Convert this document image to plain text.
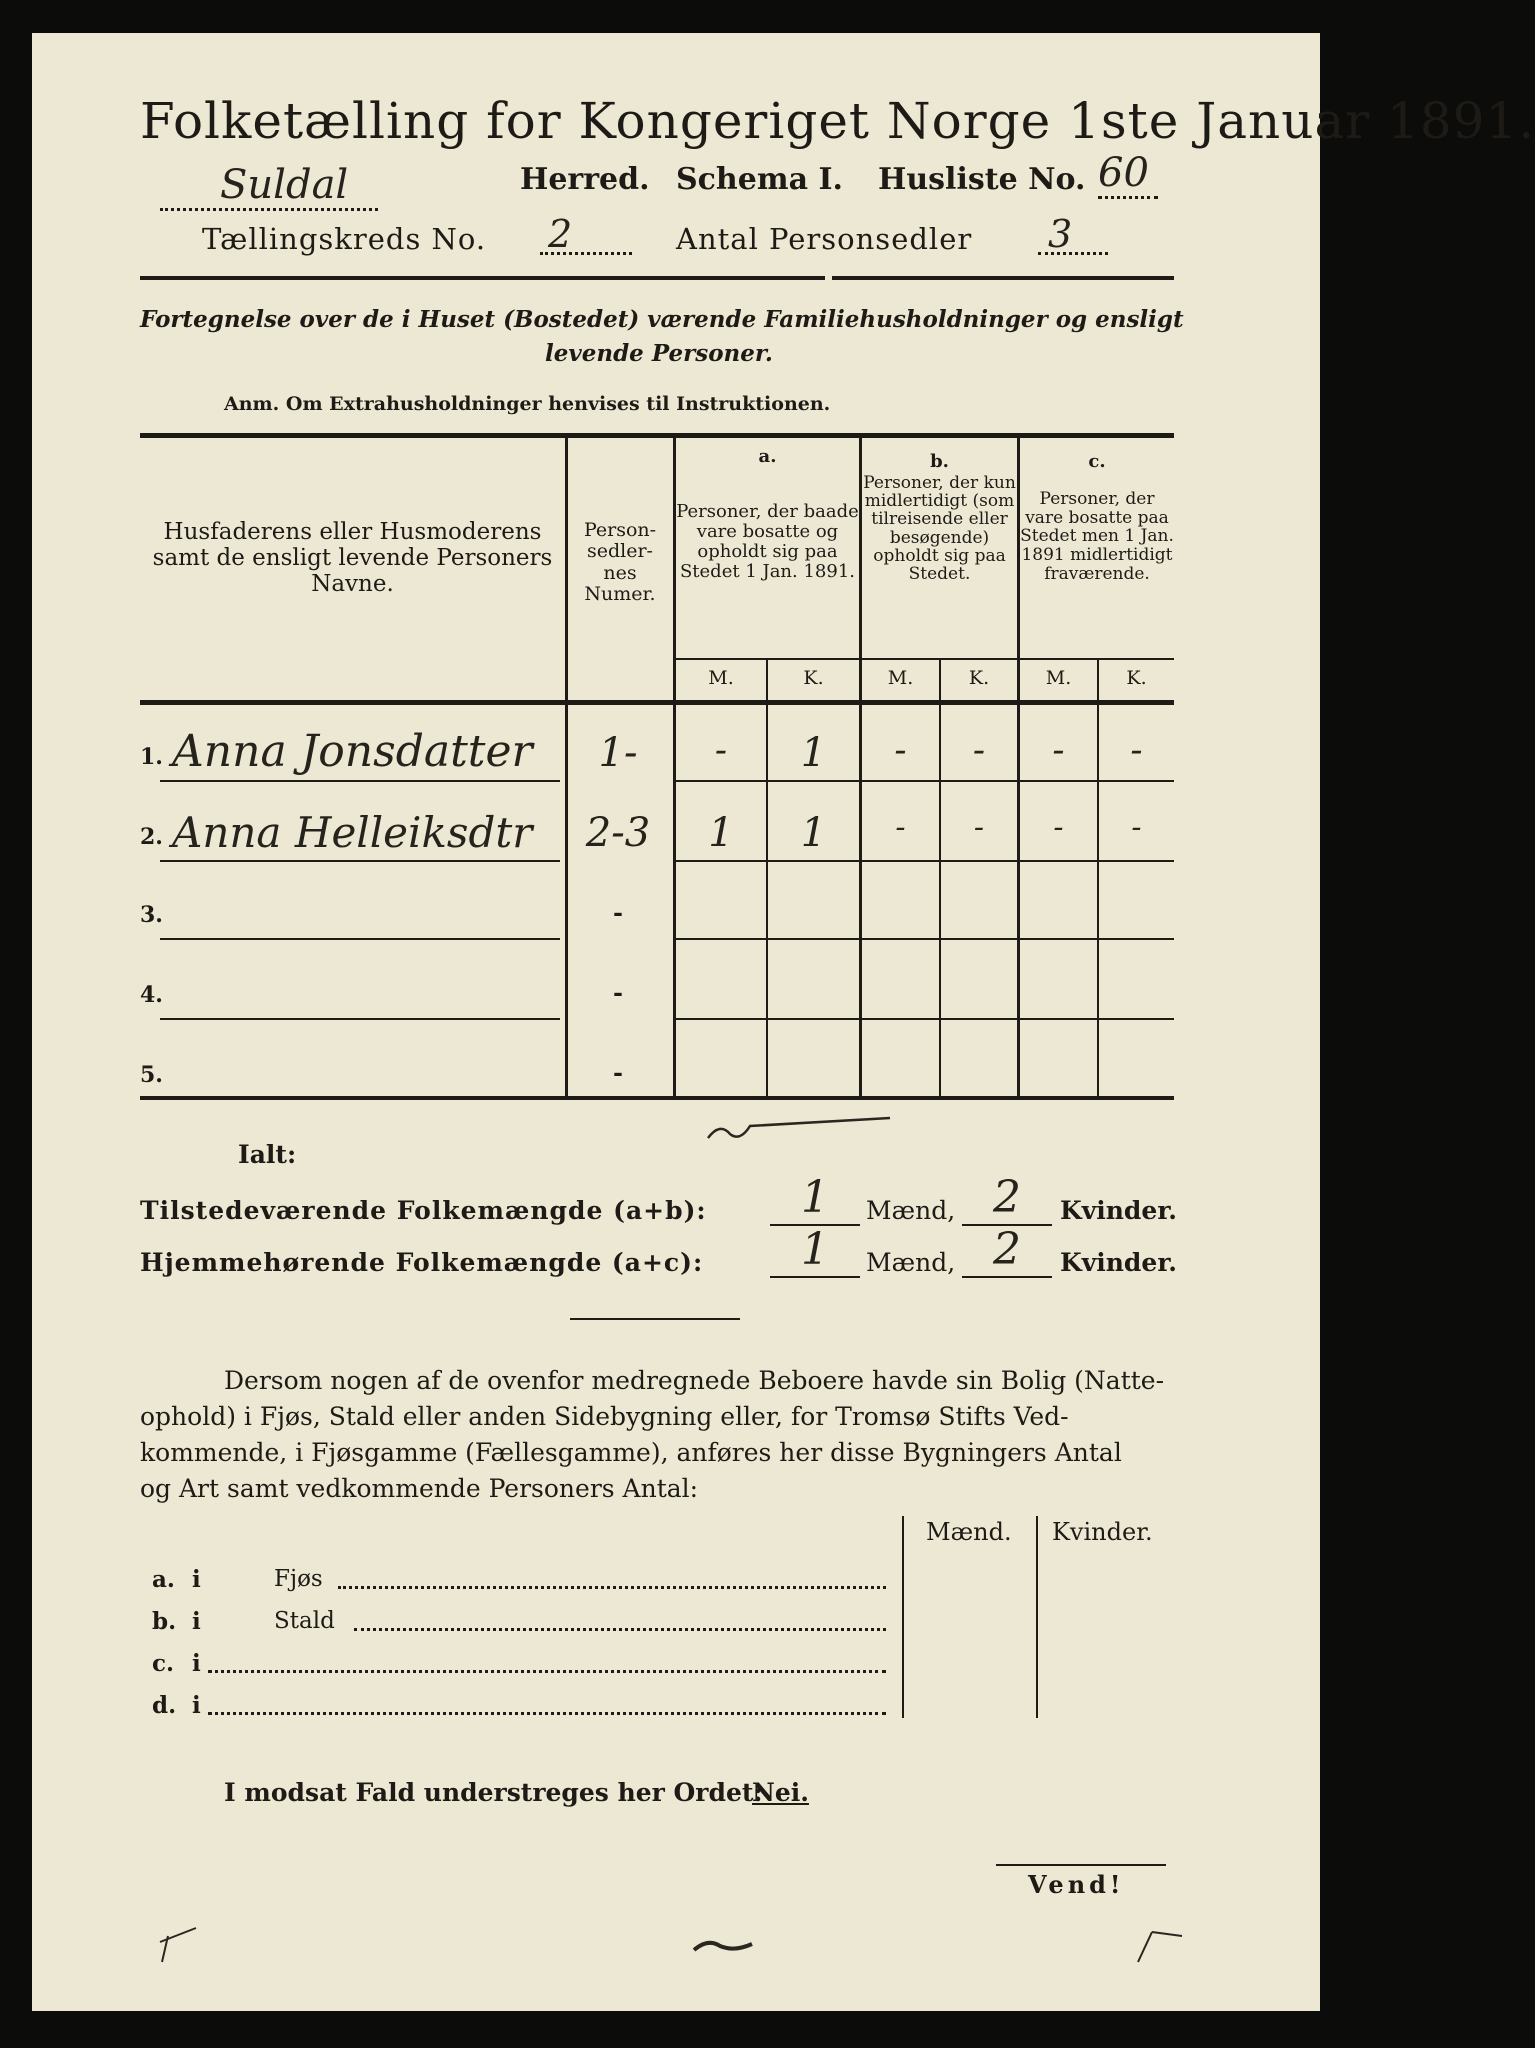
Folketælling for Kongeriget Norge 1ste Januar 1891.
Suldal	Herred. Schema I. Husliste No. 60
Tællingskreds No. 2	Antal Personsedler 3
Fortegnelse over de i Huset (Bostedet) værende Familiehusholdninger og ensligt
levende Personer.
Anm. Om Extrahusholdninger henvises til Instruktionen.
Husfaderens eller Husmoderens samt de ensligt levende Personers Navne.
Person-sedler-nes Numer.
a.
Personer, der baade vare bosatte og opholdt sig paa Stedet 1 Jan. 1891.
b.
Personer, der kun midlertidigt (som tilreisende eller besøgende) opholdt sig paa Stedet.
c.
Personer, der vare bosatte paa Stedet men 1 Jan. 1891 midlertidigt fraværende.
M.	K.	M.	K.	M.	K.
1. Anna Jonsdatter	1-	-	1	-	-	-	-
2. Anna Helleiksdtr	2-3	1	1	-	-	-	-
3.	-
4.	-
5.	-
Ialt:
Tilstedeværende Folkemængde (a+b):	1	Mænd, 2	Kvinder.
Hjemmehørende Folkemængde (a+c):	1	Mænd, 2	Kvinder.
Dersom nogen af de ovenfor medregnede Beboere havde sin Bolig (Natte-
ophold) i Fjøs, Stald eller anden Sidebygning eller, for Tromsø Stifts Ved-
kommende, i Fjøsgamme (Fællesgamme), anføres her disse Bygningers Antal
og Art samt vedkommende Personers Antal:
Mænd. Kvinder.
a. i	Fjøs
b. i	Stald
c. i
d. i
I modsat Fald understreges her Ordet:
Nei.
Vend!
